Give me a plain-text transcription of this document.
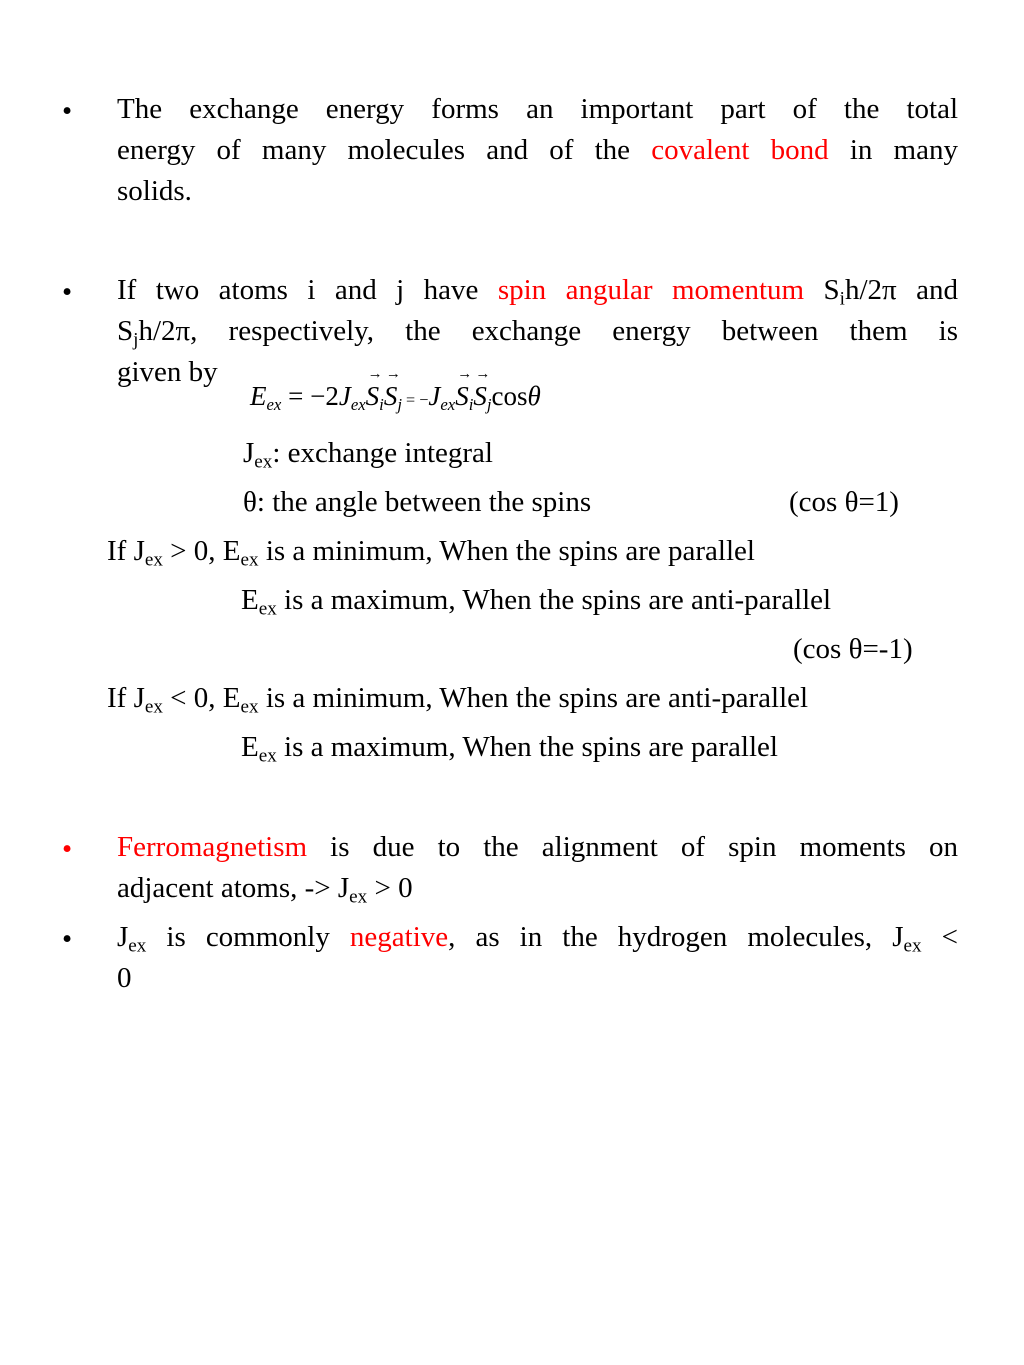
•	The exchange energy forms an important part of the total
energy of many molecules and of the covalent bond in many
solids.
•	If two atoms i and j have spin angular momentum $S_ih/2\pi$ and
$S_jh/2\pi$, respectively, the exchange energy between them is
given by
$E_{ex} = -2J_{ex}\to S_i\to S_j = -J_{ex}\to S_i\to S_j\cos\theta$
$J_{ex}$: exchange integral
θ: the angle between the spins	(cos θ=1)
If $J_{ex} > 0$, $E_{ex}$ is a minimum, When the spins are parallel
$E_{ex}$ is a maximum, When the spins are anti-parallel
(cos θ=-1)
If $J_{ex} < 0$, $E_{ex}$ is a minimum, When the spins are anti-parallel
$E_{ex}$ is a maximum, When the spins are parallel
•	Ferromagnetism is due to the alignment of spin moments on
adjacent atoms, -> $J_{ex} > 0$
•	$J_{ex}$ is commonly negative, as in the hydrogen molecules, $J_{ex}$ <
0
